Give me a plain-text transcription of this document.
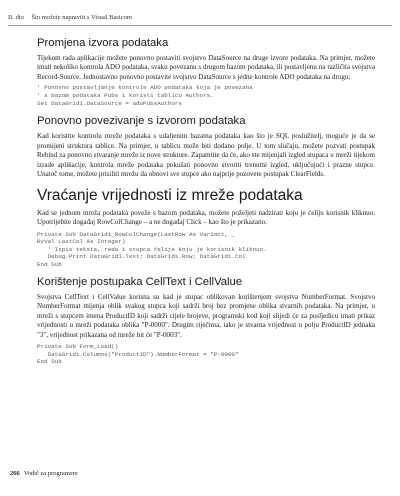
II. dio Što možete napraviti s Visual Basicom
Promjena izvora podataka

Tijekom rada aplikacije možete ponovno postaviti svojstvo DataSource na druge izvore podataka. Na primjer, možete imati nekoliko kontrola ADO podataka, svaku povezanu s drugom bazom podataka, ili postavljenu na različita svojstva Record-Source. Jednostavno ponovno postavite svojstvo DataSource s jedne kontrole ADO podataka na drugu:

' Ponovno postavljanje kontrole ADO podataka koja je povezana
' s bazom podataka Pubs i koristi tablicu Authors.
Set DataGrid1.DataSource = adoPubsAuthors
Ponovno povezivanje s izvorom podataka

Kad koristite kontrolu mreže podataka s udaljenim bazama podataka kao što je SQL poslužitelj, moguće je da se promijeni struktura tablice. Na primjer, u tablicu može biti dodano polje. U tom slučaju, možete pozvati postupak Rebind za ponovno stvaranje mreže iz nove strukture. Zapamtite da će, ako ste mijenjali izgled stupaca u mreži tijekom izrade aplikacije, kontrola mreže podataka pokušati ponovno stvoriti trenutni izgled, uključujući i prazne stupce. Unatoč tome, možete prisiliti mrežu da obnovi sve stupce ako najprije pozovete postupak ClearFields.

Vraćanje vrijednosti iz mreže podataka

Kad se jednom mreža podataka poveže s bazom podataka, možete poželjeti nadzirati koju je ćeliju korisnik kliknuo. Upotrijebite događaj RowColChange – a ne događaj Click – kao što je prikazano.

Private Sub DataGrid1_RowColChange(LastRow As Variant, _
ByVal LastCol As Integer)
' Ispis teksta, reda i stupca ćelije koju je korisnik kliknuo.
Debug.Print DataGrid1.Text; DataGrid1.Row; DataGrid1.Col
End Sub
Korištenje postupaka CellText i CellValue

Svojstva CellText i CellValue korisna su kad je stupac oblikovan korištenjem svojstva NumberFormat. Svojstvo NumberFormat mijenja oblik svakog stupca koji sadrži broj bez promjene oblika stvarnih podataka. Na primjer, u mreži s stupcem imena ProductID koji sadrži cijele brojeve, programski kod koji slijedi će za posljedicu imati prikaz vrijednosti u mreži podataka oblika "P-0000". Drugim riječima, iako je stvarna vrijednost u polju ProductID jednaka "3", vrijednost prikazana od mreže bit će "P-0003".

Private Sub Form_Load()
DataGrid1.Columns("ProductID").NumberFormat = "P-0000"
End Sub
266 Vodič za programere
